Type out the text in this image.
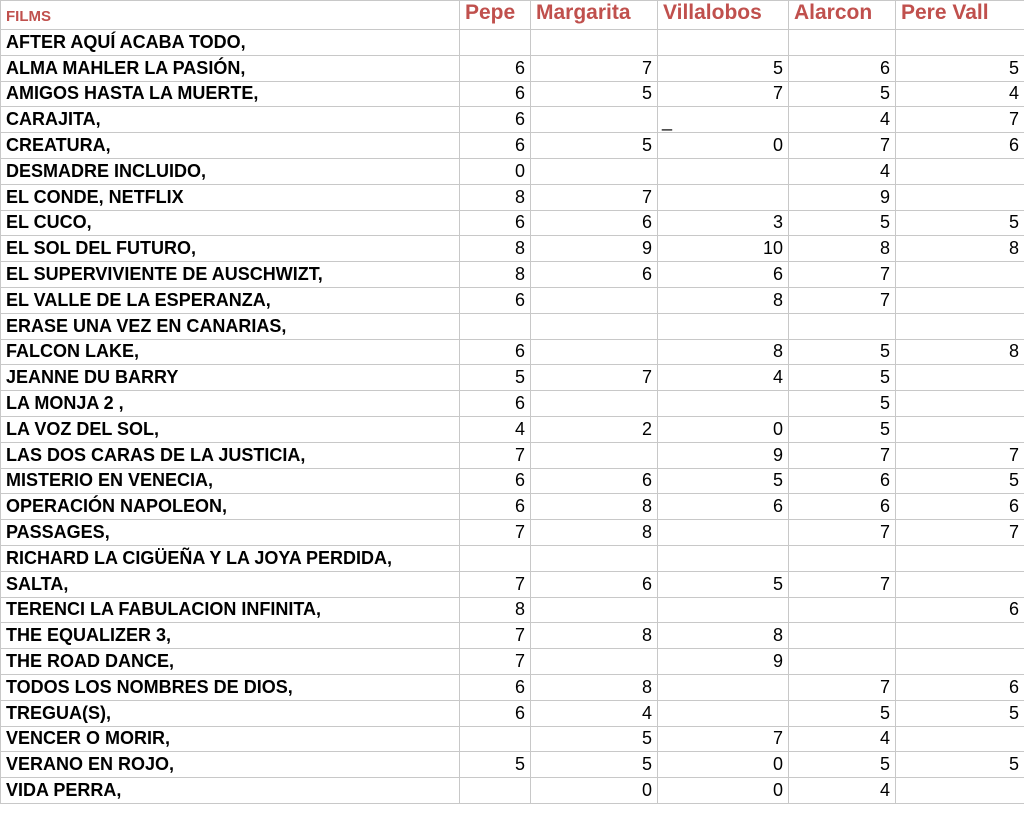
FILMS	Pepe	Margarita	Villalobos	Alarcon	Pere Vall
AFTER AQUÍ ACABA TODO,					
ALMA MAHLER LA PASIÓN,	6	7	5	6	5
AMIGOS HASTA LA MUERTE,	6	5	7	5	4
CARAJITA,	6		_	4	7
CREATURA,	6	5	0	7	6
DESMADRE INCLUIDO,	0			4	
EL CONDE, NETFLIX	8	7		9	
EL CUCO,	6	6	3	5	5
EL SOL DEL FUTURO,	8	9	10	8	8
EL SUPERVIVIENTE DE AUSCHWIZT,	8	6	6	7	
EL VALLE DE LA ESPERANZA,	6		8	7	
ERASE UNA VEZ EN CANARIAS,					
FALCON LAKE,	6		8	5	8
JEANNE DU BARRY	5	7	4	5	
LA MONJA 2 ,	6			5	
LA VOZ DEL SOL,	4	2	0	5	
LAS DOS CARAS DE LA JUSTICIA,	7		9	7	7
MISTERIO EN VENECIA,	6	6	5	6	5
OPERACIÓN NAPOLEON,	6	8	6	6	6
PASSAGES,	7	8		7	7
RICHARD LA CIGÜEÑA Y LA JOYA PERDIDA,					
SALTA,	7	6	5	7	
TERENCI LA FABULACION INFINITA,	8				6
THE EQUALIZER 3,	7	8	8		
THE ROAD DANCE,	7		9		
TODOS LOS NOMBRES DE DIOS,	6	8		7	6
TREGUA(S),	6	4		5	5
VENCER O MORIR,		5	7	4	
VERANO EN ROJO,	5	5	0	5	5
VIDA PERRA,		0	0	4	
